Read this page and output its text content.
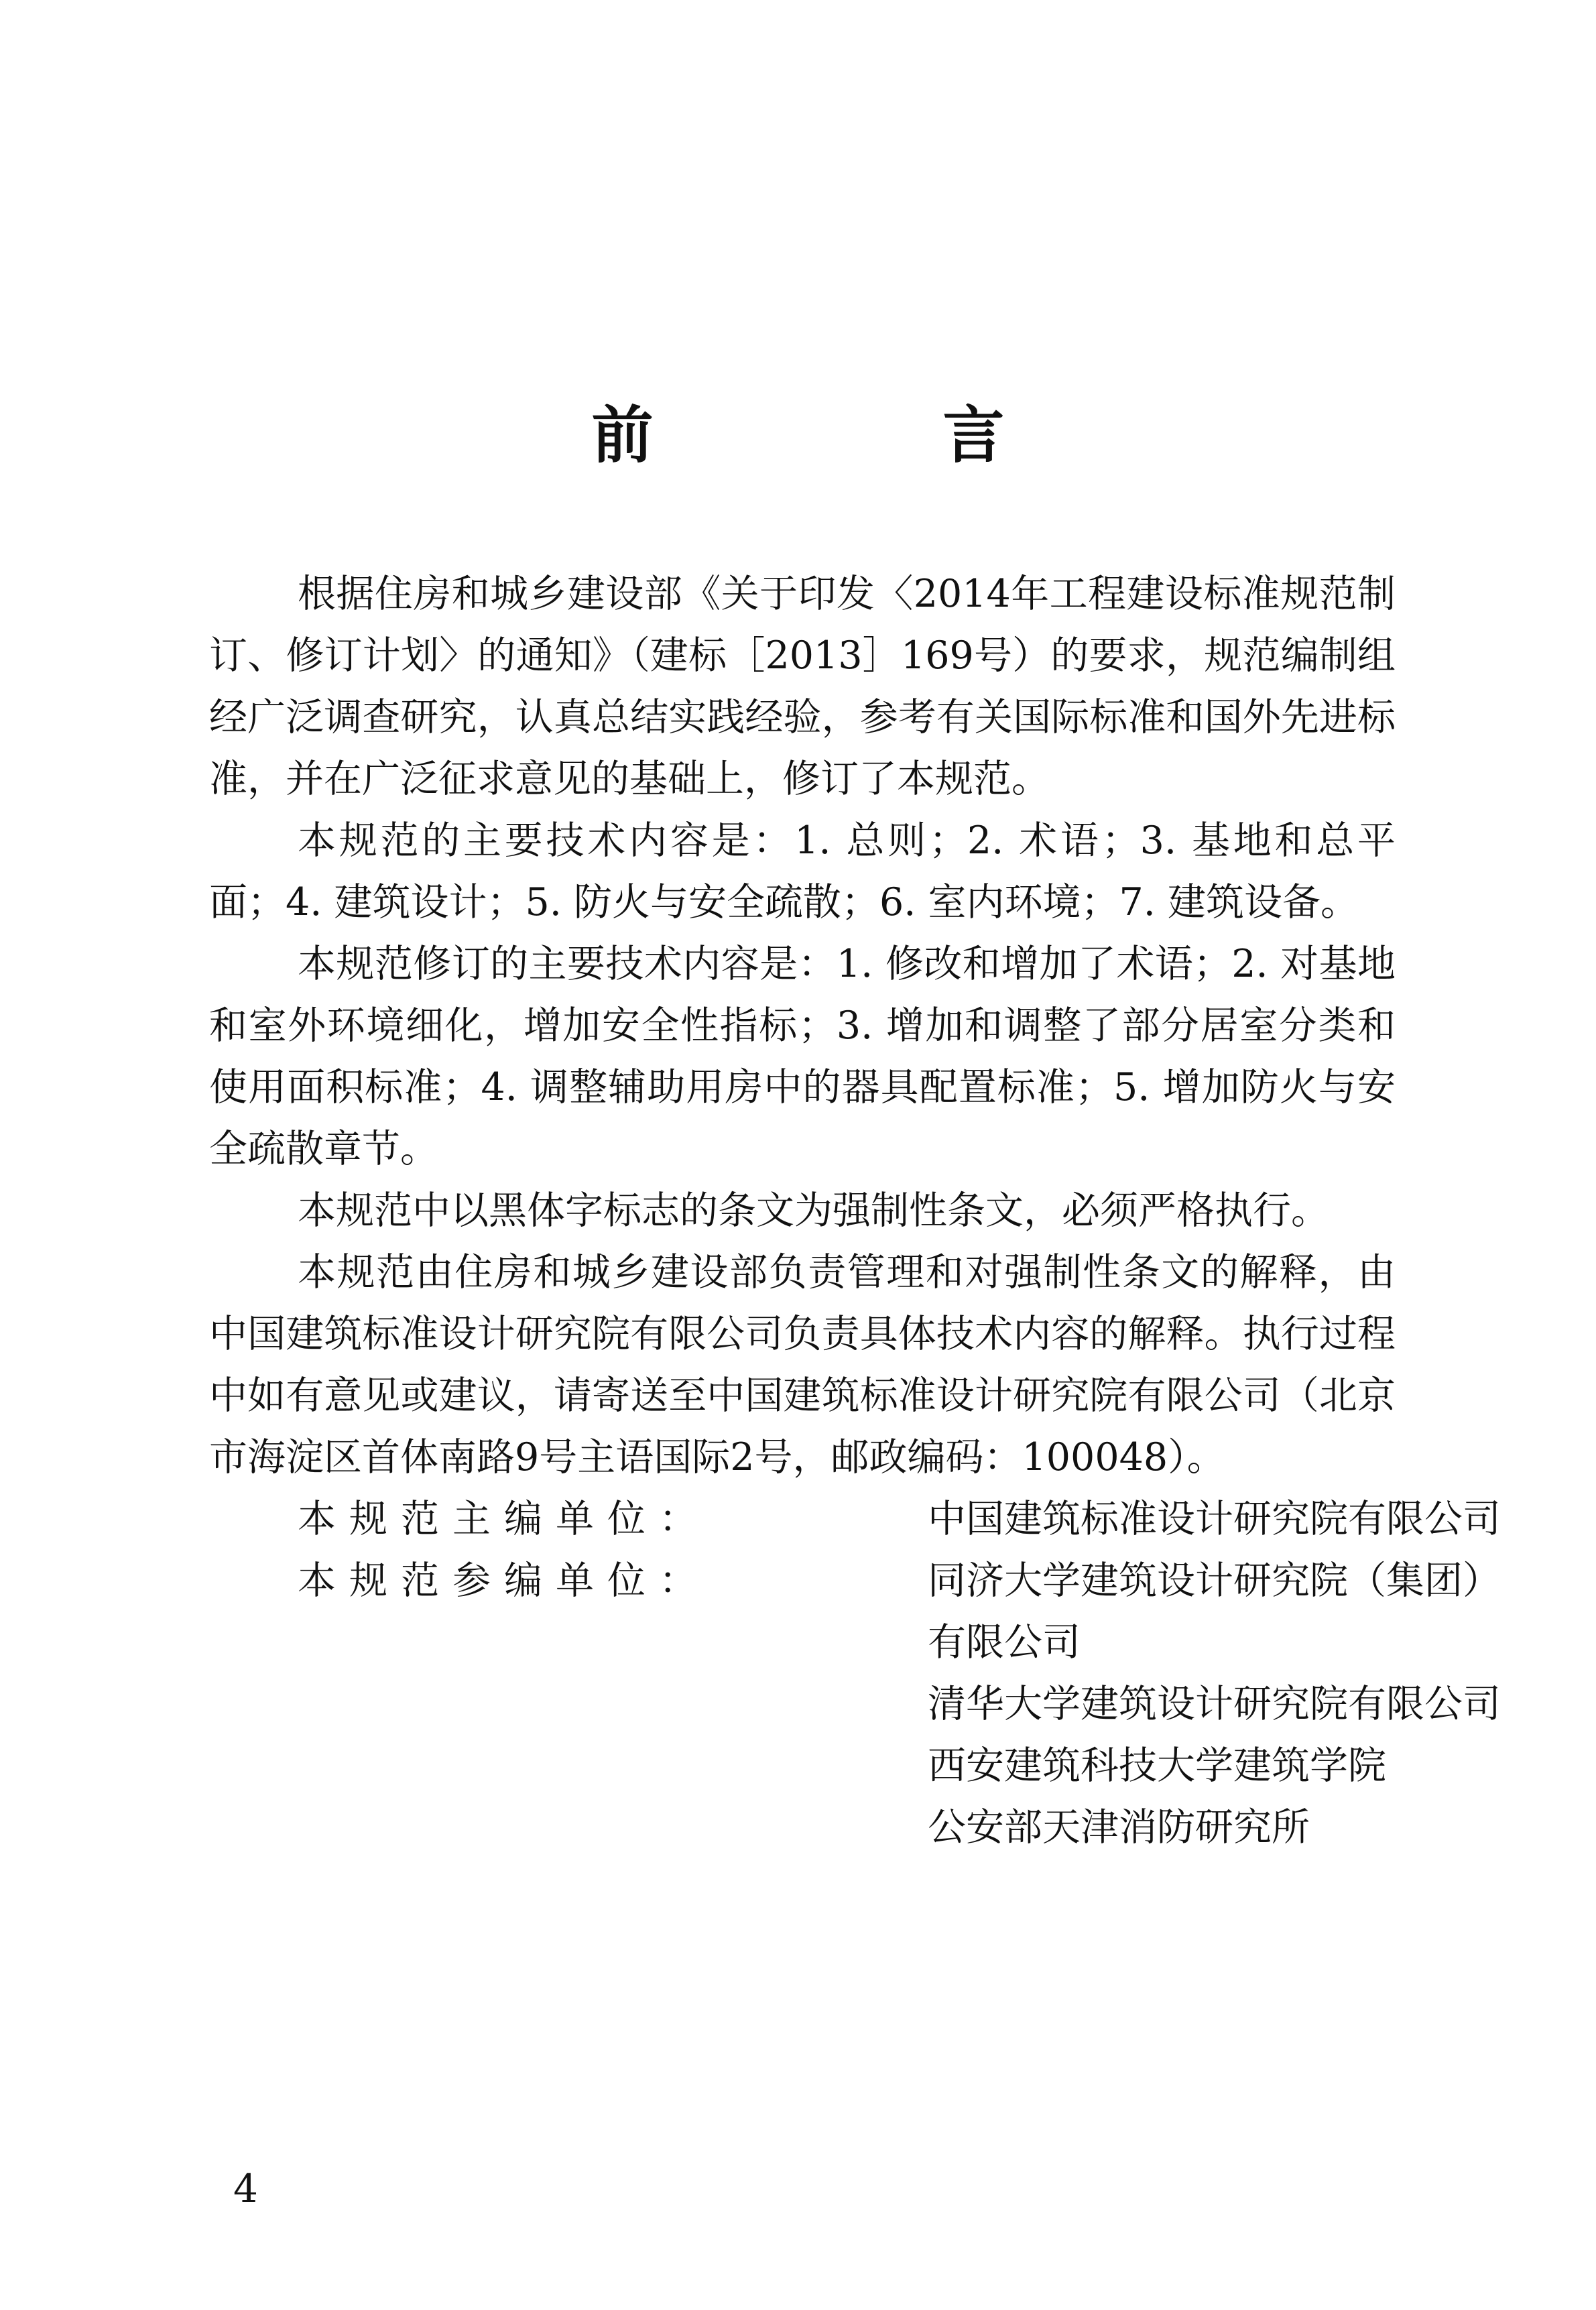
前 言

根据住房和城乡建设部《关于印发〈2014年工程建设标准规范制订、修订计划〉的通知》（建标［2013］169号）的要求，规范编制组经广泛调查研究，认真总结实践经验，参考有关国际标准和国外先进标准，并在广泛征求意见的基础上，修订了本规范。

本规范的主要技术内容是：1. 总则；2. 术语；3. 基地和总平面；4. 建筑设计；5. 防火与安全疏散；6. 室内环境；7. 建筑设备。

本规范修订的主要技术内容是：1. 修改和增加了术语；2. 对基地和室外环境细化，增加安全性指标；3. 增加和调整了部分居室分类和使用面积标准；4. 调整辅助用房中的器具配置标准；5. 增加防火与安全疏散章节。

本规范中以黑体字标志的条文为强制性条文，必须严格执行。

本规范由住房和城乡建设部负责管理和对强制性条文的解释，由中国建筑标准设计研究院有限公司负责具体技术内容的解释。执行过程中如有意见或建议，请寄送至中国建筑标准设计研究院有限公司（北京市海淀区首体南路9号主语国际2号，邮政编码：100048）。

本规范主编单位：	中国建筑标准设计研究院有限公司
本规范参编单位：	同济大学建筑设计研究院（集团）
有限公司
清华大学建筑设计研究院有限公司
西安建筑科技大学建筑学院
公安部天津消防研究所
4
